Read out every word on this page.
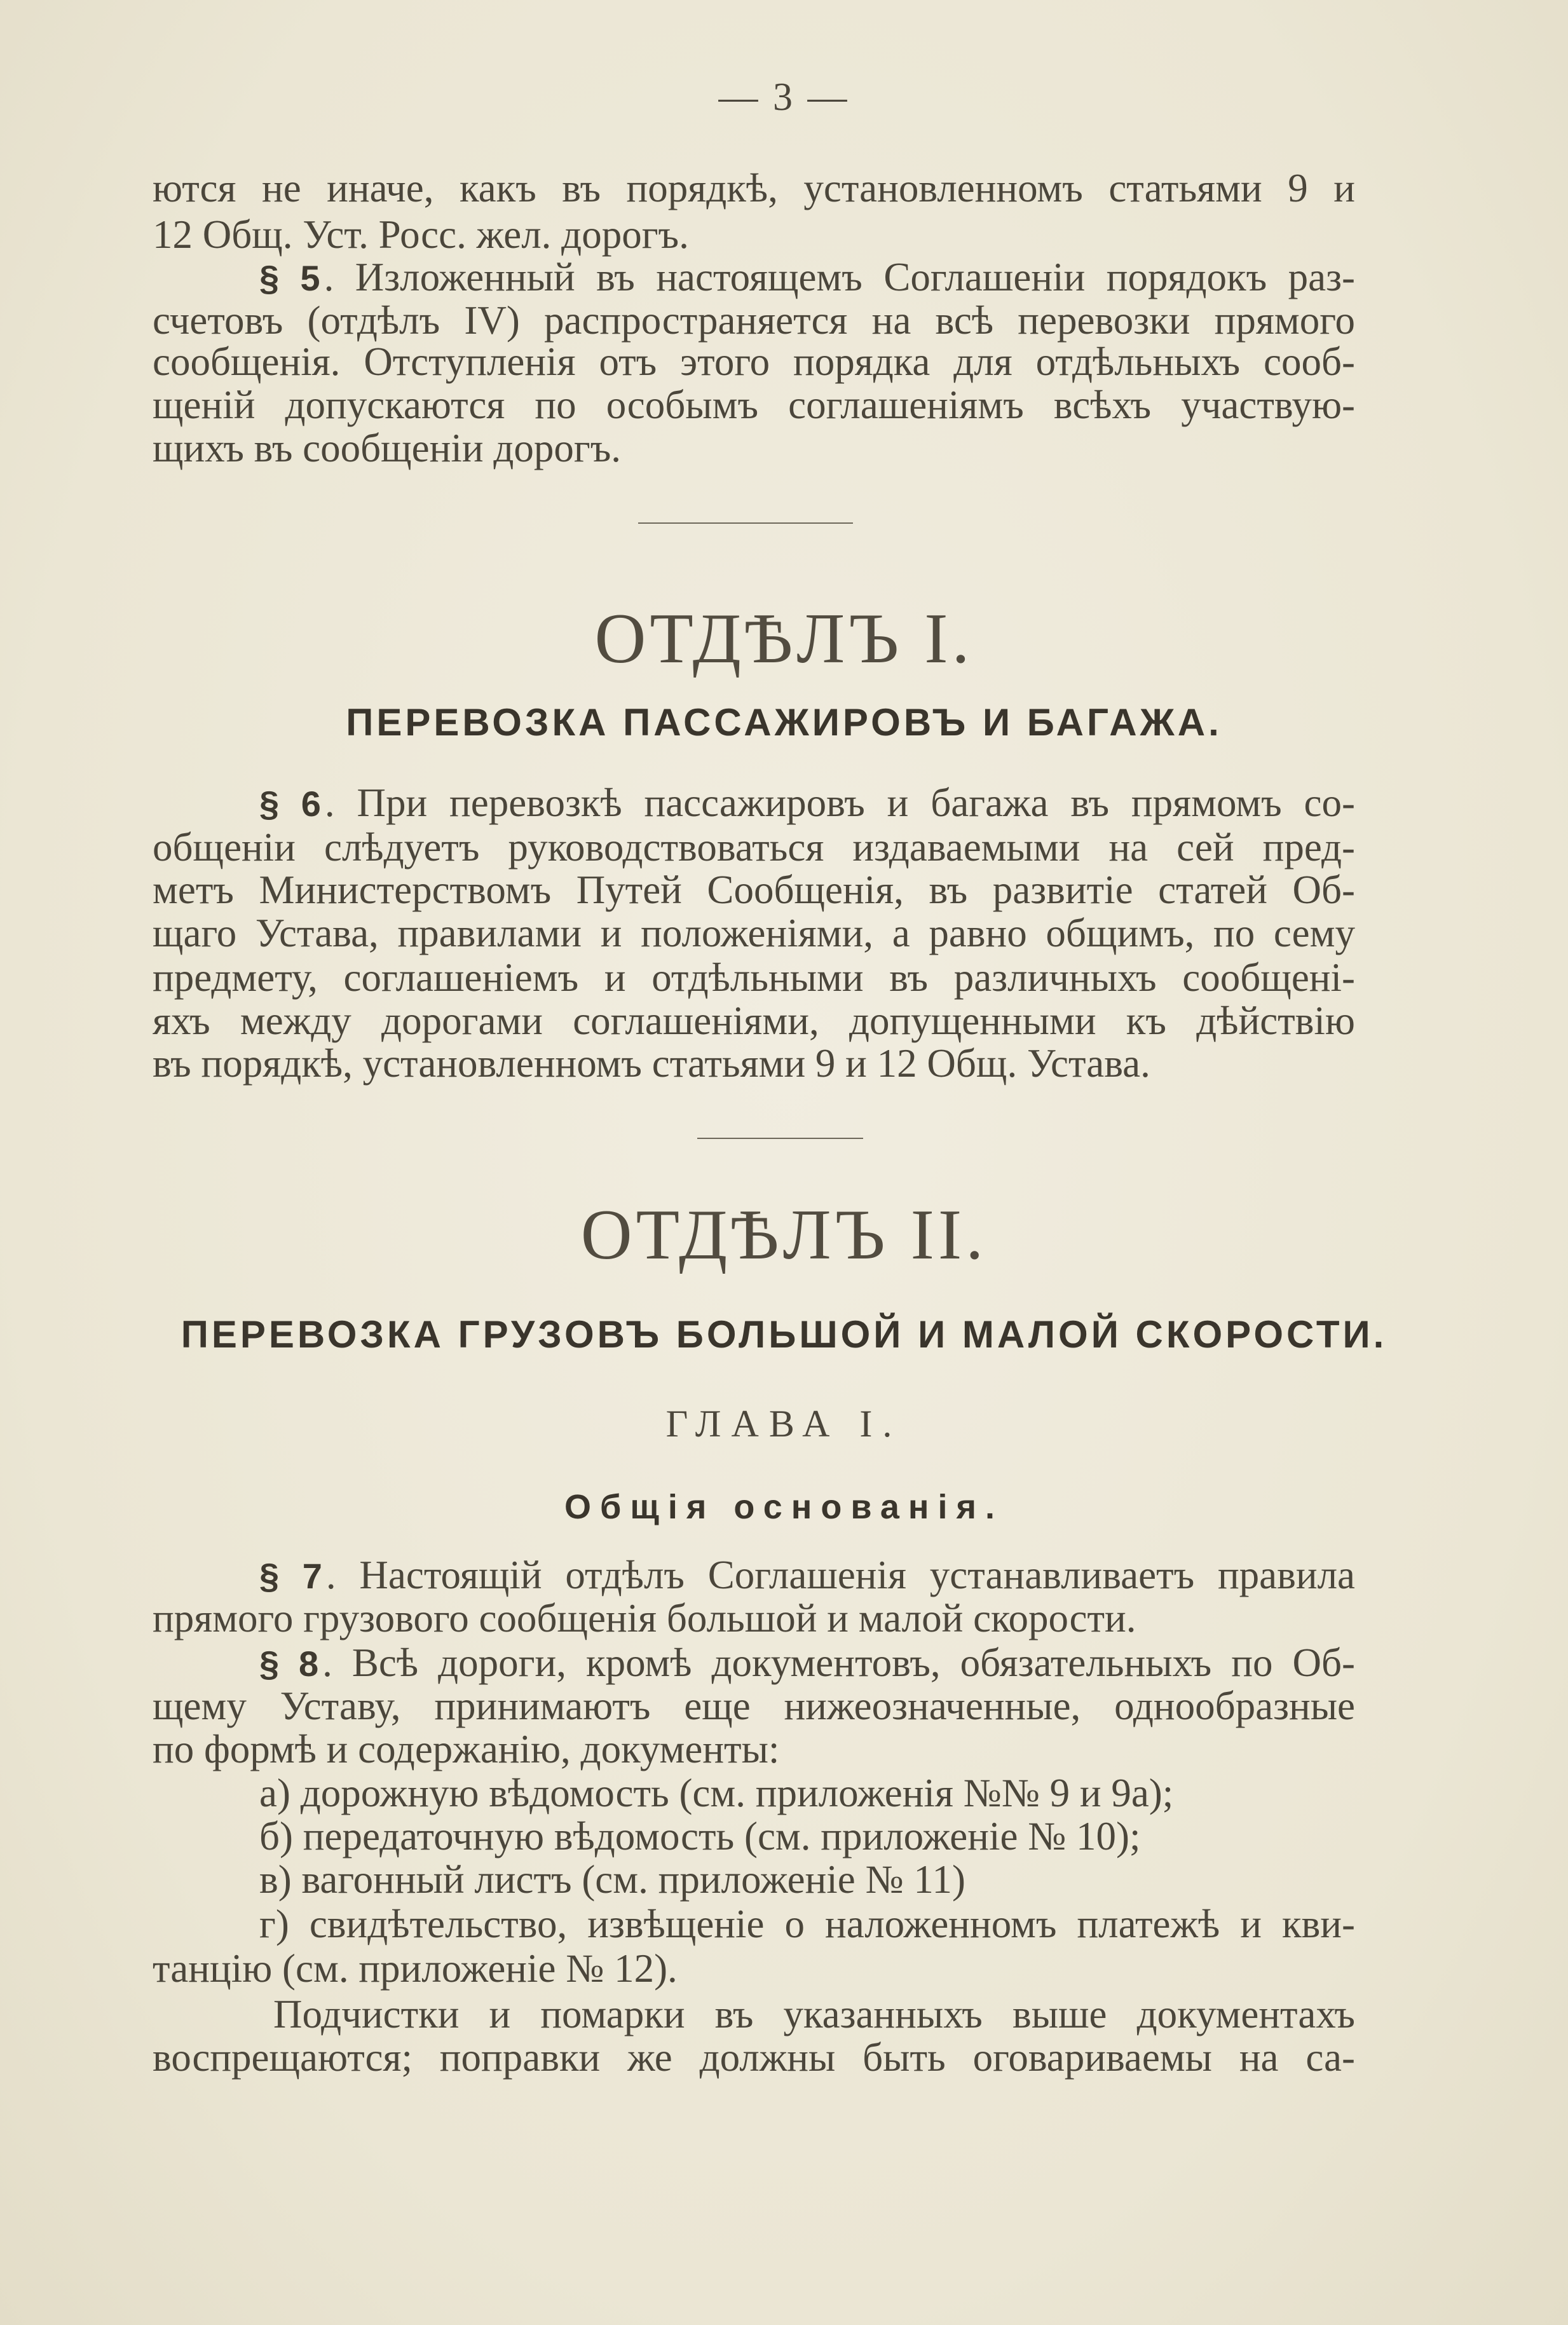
— 3 —
ются не иначе, какъ въ порядкѣ, установленномъ статьями 9 и
12 Общ. Уст. Росс. жел. дорогъ.
§ 5. Изложенный въ настоящемъ Соглашеніи порядокъ раз-
счетовъ (отдѣлъ IV) распространяется на всѣ перевозки прямого
сообщенія. Отступленія отъ этого порядка для отдѣльныхъ сооб-
щеній допускаются по особымъ соглашеніямъ всѣхъ участвую-
щихъ въ сообщеніи дорогъ.
ОТДѢЛЪ I.
ПЕРЕВОЗКА ПАССАЖИРОВЪ И БАГАЖА.
§ 6. При перевозкѣ пассажировъ и багажа въ прямомъ со-
общеніи слѣдуетъ руководствоваться издаваемыми на сей пред-
метъ Министерствомъ Путей Сообщенія, въ развитіе статей Об-
щаго Устава, правилами и положеніями, а равно общимъ, по сему
предмету, соглашеніемъ и отдѣльными въ различныхъ сообщені-
яхъ между дорогами соглашеніями, допущенными къ дѣйствію
въ порядкѣ, установленномъ статьями 9 и 12 Общ. Устава.
ОТДѢЛЪ II.
ПЕРЕВОЗКА ГРУЗОВЪ БОЛЬШОЙ И МАЛОЙ СКОРОСТИ.
ГЛАВА I.
Общія основанія.
§ 7. Настоящій отдѣлъ Соглашенія устанавливаетъ правила
прямого грузового сообщенія большой и малой скорости.
§ 8. Всѣ дороги, кромѣ документовъ, обязательныхъ по Об-
щему Уставу, принимаютъ еще нижеозначенные, однообразные
по формѣ и содержанію, документы:
а) дорожную вѣдомость (см. приложенія №№ 9 и 9а);
б) передаточную вѣдомость (см. приложеніе № 10);
в) вагонный листъ (см. приложеніе № 11)
г) свидѣтельство, извѣщеніе о наложенномъ платежѣ и кви-
танцію (см. приложеніе № 12).
Подчистки и помарки въ указанныхъ выше документахъ
воспрещаются; поправки же должны быть оговариваемы на са-
